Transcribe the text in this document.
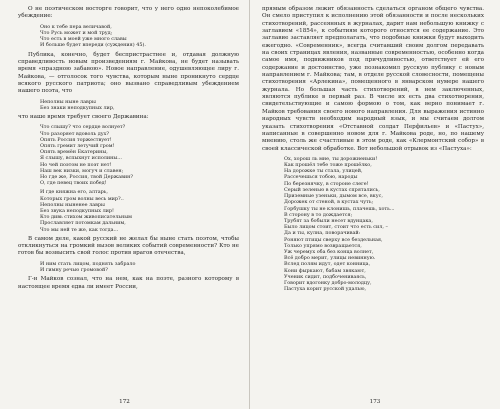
О не поэтическом восторге говорит, что у него одно непоколебимое убеждение:

Оно к тебе пера величавой,
Что Русь может и мой труд;
Что есть в моей уже много славы
И больше будет впереди (суждения) 45).

Публика, конечно, будет беспристрастнее и, отдавая должную справедливость новым произведениям г. Майкова, не будет называть время «праздною забавою». Новое направление, одушевляющее лиру г. Майкова, — отголосок того чувства, которым ныне проникнуто сердце всякого русского патриота; оно вызвано справедливым убеждением нашего поэта, что

Неполны ныне лавры
Без знаки неподкупных лир,

что наше время требует своего Державина:

Что слышу? что сердце волнует?
Что разоряет вдоволь дух?
Опять Россия торжествует!
Опять гремит летучий гром!
Опять времён Екатерины,
Я слышу, вспыхнут исполины...
Но чей поэтом не поэт нет!
Наш век низки, могуч и славен;
Но где же, Россия, твой Державин?
О, где певец твоих побед!
И где княжна его, алтарь,
Которых гром волны весь мир?..
Неполны ныненее лавры
Без звука неподкупных лир!
Кто дивь стихом живописательным
Прославляет потомкам дальним,
Что мы ней те же, как тогда...

В самом деле, какой русский не желал бы ныне стать поэтом, чтобы откликнуться на громкий вызов великих событий современности? Кто не готов бы возвысить свой голос против врагов отечества,

И ним стать лицом, поднять забрало
И гимну речью громовой?

Г-н Майков сознал, что на нем, как на поэте, разного которому в настоящее время едва ли имеет России,

172

прямым образом лежит обязанность сделаться органом общего чувства. Он смело приступил к исполнению этой обязанности и после нескольких стихотворений, рассеянных в журналах, дарит нам небольшую книжку с заглавием «1854», к событиям которого относятся ее содержание. Это заглавие заставляет предполагать, что подобные книжки будут выходить ежегодно. «Современник», всегда считавший своим долгом передавать на своих страницах явления, названные современностью, особенно когда самое имя, подвижников под причудливостью, ответствует ей его содержание и достоинство, уже познакомил русскую публику с новым направлением г. Майкова; там, в отделе русской словесности, помещены стихотворения «Арлекина», помещенного в январском нумере нашего журнала. Но большая часть стихотворений, в нем заключенных, являются публике в первый раз. В числе их есть два стихотворения, свидетельствующие и самою формою о том, как верно понимает г. Майков требования своего нового направления. Для выражения истинно народных чувств необходим народный язык, и мы считаем долгом указать стихотворения «Отставной солдат Перфильев» и «Пастух», написанные в совершенно новом для г. Майкова роде, но, по нашему мнению, столь же счастливые в этом роде, как «Клермонтский собор» в своей классической обработке. Вот небольшой отрывок из «Пастуха»:

Ох, хорош ль мне, ты дорожненьки!
Как прошёл тебе тоже прошёлко,
На дорожке ты стала, улицей,
Рассечешься тобою, народы
По березнячку, в стороне слеге!
Серый зеленью в кустах спрятались,
Приземные узеньки, дымом все, вкус,
Дорожек от стеной, в кустах чуть;
Горбушку ты не клонишь, плачешь, хоть...
В сторону в то дождается;
Трубят за бобыли несет вдунцака,
Было лицом стоит, стоит что есть сил, –
Да и ты, кулна, поворачивай:
Роняют птицы сверху все бездельная,
Только упрямо возвращается,
Уж черемух оба без конца волнет,
Всё добро мерит, улицы невинную.
Вслед полям идут, одет конница,
Кони фыркают, бабам звякают,
Ученик сидит, подбочениваясь,
Говорит вдогонку добро-молодцу,
Пастуха корит русской удалью,
173
